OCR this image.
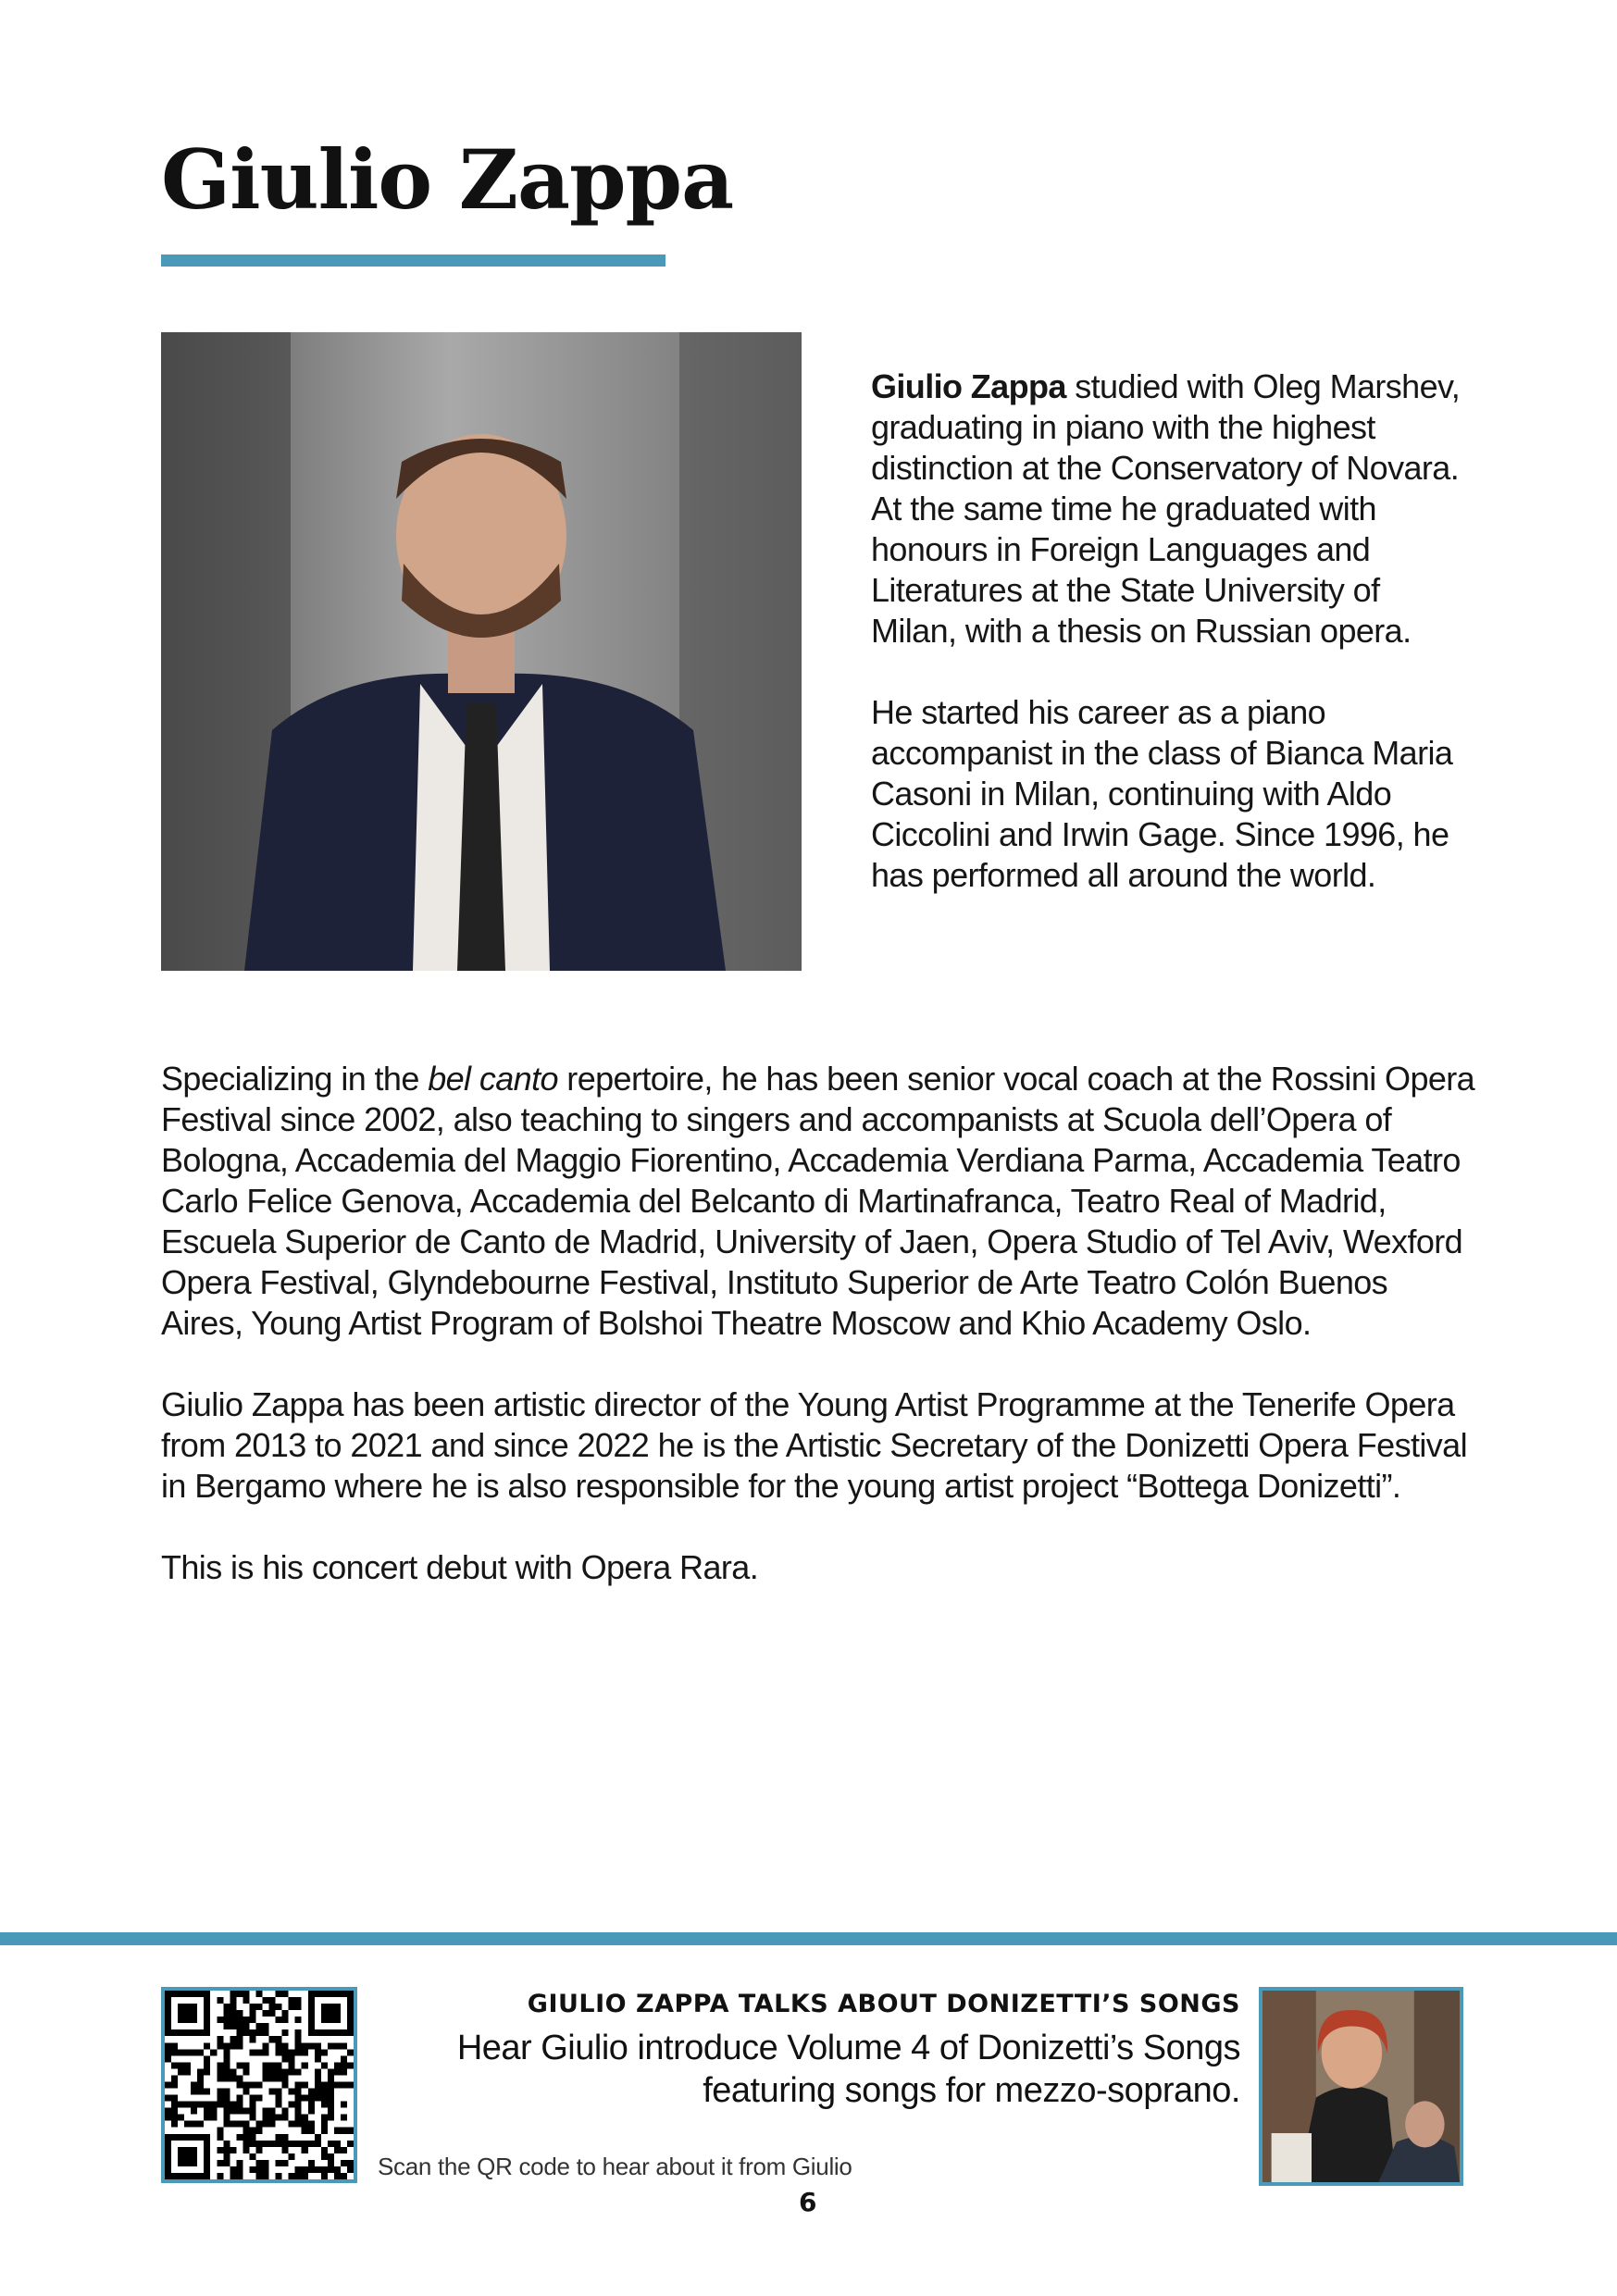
Giulio Zappa

Giulio Zappa studied with Oleg Marshev, graduating in piano with the highest distinction at the Conservatory of Novara. At the same time he graduated with honours in Foreign Languages and Literatures at the State University of Milan, with a thesis on Russian opera.

He started his career as a piano accompanist in the class of Bianca Maria Casoni in Milan, continuing with Aldo Ciccolini and Irwin Gage. Since 1996, he has performed all around the world.

Specializing in the bel canto repertoire, he has been senior vocal coach at the Rossini Opera Festival since 2002, also teaching to singers and accompanists at Scuola dell’Opera of Bologna, Accademia del Maggio Fiorentino, Accademia Verdiana Parma, Accademia Teatro Carlo Felice Genova, Accademia del Belcanto di Martinafranca, Teatro Real of Madrid, Escuela Superior de Canto de Madrid, University of Jaen, Opera Studio of Tel Aviv, Wexford Opera Festival, Glyndebourne Festival, Instituto Superior de Arte Teatro Colón Buenos Aires, Young Artist Program of Bolshoi Theatre Moscow and Khio Academy Oslo.

Giulio Zappa has been artistic director of the Young Artist Programme at the Tenerife Opera from 2013 to 2021 and since 2022 he is the Artistic Secretary of the Donizetti Opera Festival in Bergamo where he is also responsible for the young artist project “Bottega Donizetti”.

This is his concert debut with Opera Rara.

GIULIO ZAPPA TALKS ABOUT DONIZETTI’S SONGS

Hear Giulio introduce Volume 4 of Donizetti’s Songs
featuring songs for mezzo-soprano.

Scan the QR code to hear about it from Giulio

6
